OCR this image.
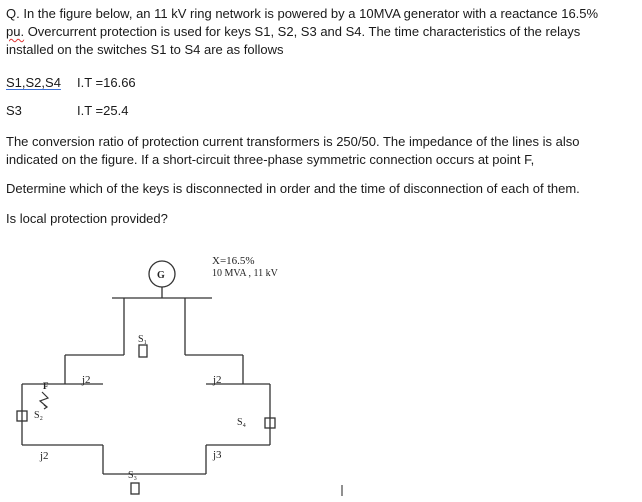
Q. In the figure below, an 11 kV ring network is powered by a 10MVA generator with a reactance 16.5%
pu. Overcurrent protection is used for keys S1, S2, S3 and S4. The time characteristics of the relays
installed on the switches S1 to S4 are as follows
S1,S2,S4 I.T =16.66
S3	I.T =25.4
The conversion ratio of protection current transformers is 250/50. The impedance of the lines is also
indicated on the figure. If a short-circuit three-phase symmetric connection occurs at point F,
Determine which of the keys is disconnected in order and the time of disconnection of each of them.
Is local protection provided?
G
X=16.5%
10 MVA , 11 kV
S₁
S₂
S₃
S₄
F	j2	j2
j2	j3
